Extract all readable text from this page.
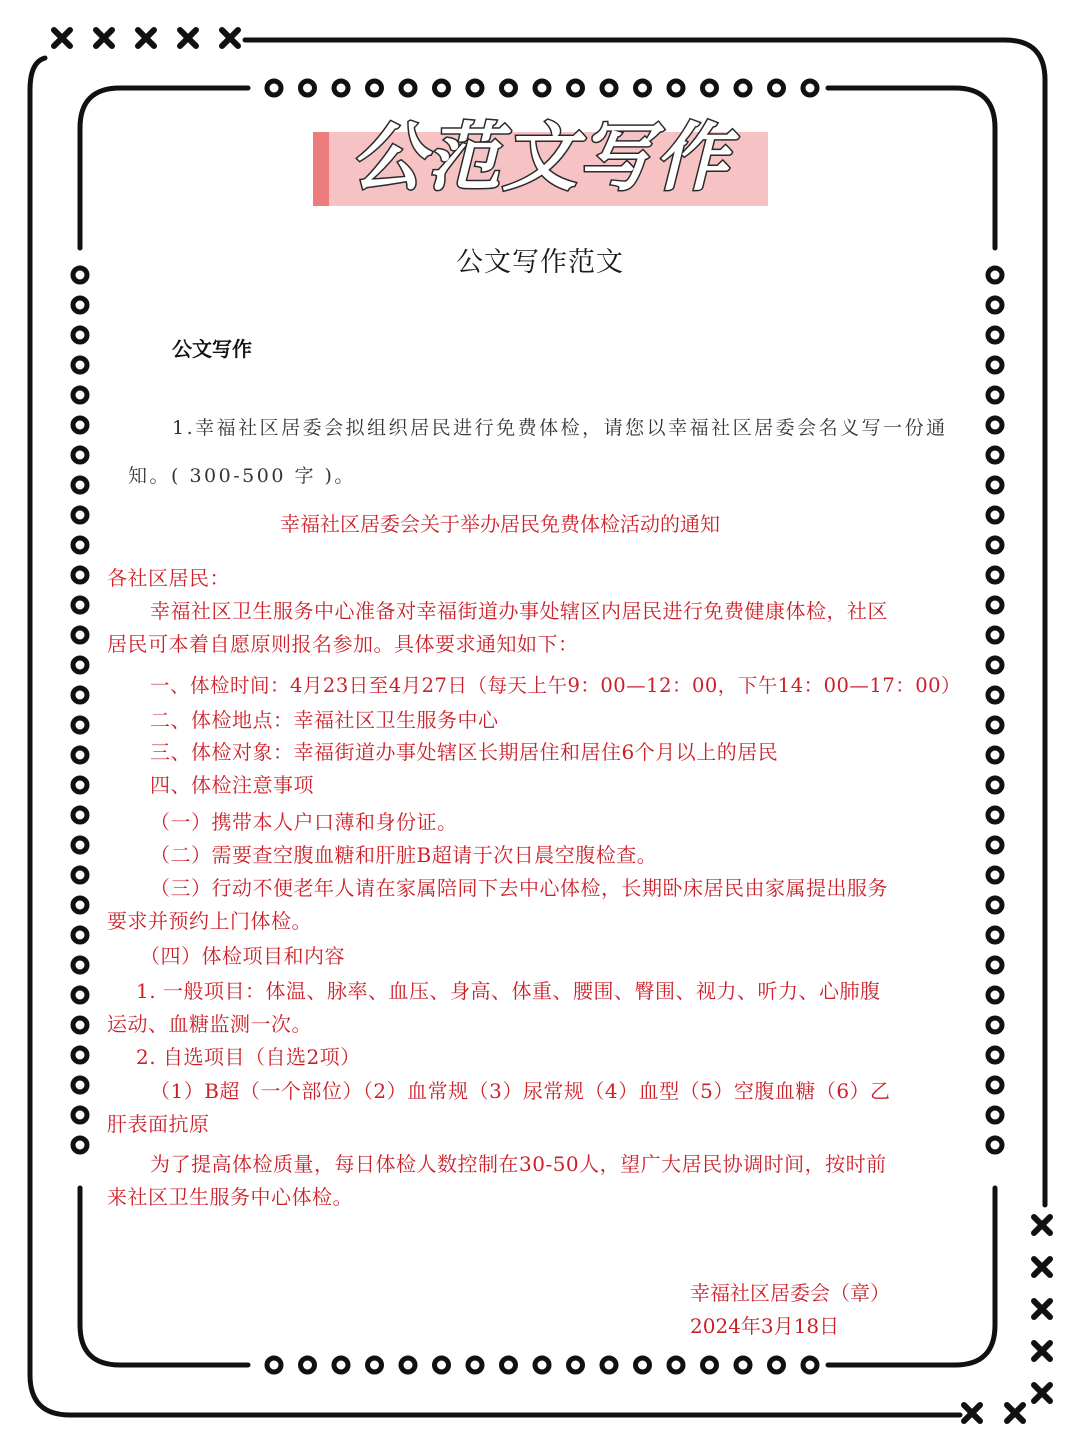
公范文写作
公文写作范文
公文写作
1.幸福社区居委会拟组织居民进行免费体检，请您以幸福社区居委会名义写一份通知。( 300-500 字 )。
幸福社区居委会关于举办居民免费体检活动的通知
各社区居民：
幸福社区卫生服务中心准备对幸福街道办事处辖区内居民进行免费健康体检，社区
居民可本着自愿原则报名参加。具体要求通知如下：
一、体检时间：4月23日至4月27日（每天上午9：00—12：00，下午14：00—17：00）
二、体检地点：幸福社区卫生服务中心
三、体检对象：幸福街道办事处辖区长期居住和居住6个月以上的居民
四、体检注意事项
（一）携带本人户口薄和身份证。
（二）需要查空腹血糖和肝脏B超请于次日晨空腹检查。
（三）行动不便老年人请在家属陪同下去中心体检，长期卧床居民由家属提出服务
要求并预约上门体检。
（四）体检项目和内容
1. 一般项目：体温、脉率、血压、身高、体重、腰围、臀围、视力、听力、心肺腹
运动、血糖监测一次。
2. 自选项目（自选2项）
（1）B超（一个部位）（2）血常规（3）尿常规（4）血型（5）空腹血糖（6）乙
肝表面抗原
为了提高体检质量，每日体检人数控制在30-50人，望广大居民协调时间，按时前
来社区卫生服务中心体检。
幸福社区居委会（章）
2024年3月18日
